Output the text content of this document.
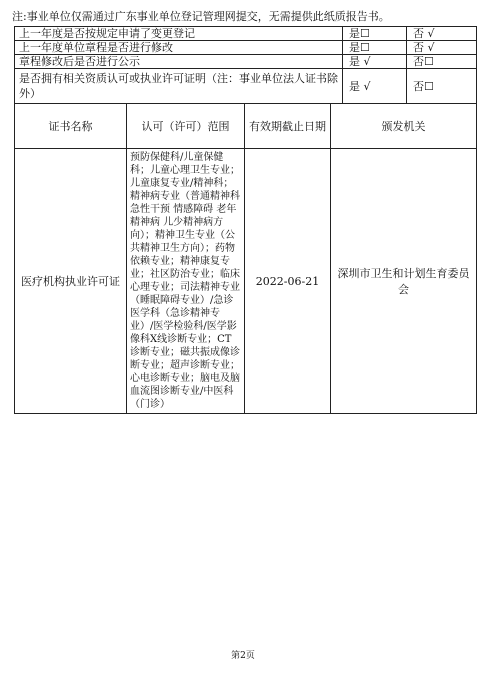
注:事业单位仅需通过广东事业单位登记管理网提交，无需提供此纸质报告书。
上一年度是否按规定申请了变更登记				是☐	否 √
上一年度单位章程是否进行修改				是☐	否 √
章程修改后是否进行公示				是 √	否☐
是否拥有相关资质认可或执业许可证明（注：事业单位法人证书除外）				是 √	否☐
证书名称	认可（许可）范围	有效期截止日期	颁发机关		
医疗机构执业许可证	预防保健科/儿童保健科；儿童心理卫生专业；儿童康复专业/精神科；精神病专业（普通精神科 急性干预 情感障碍 老年精神病 儿少精神病方向）；精神卫生专业（公共精神卫生方向）；药物依赖专业；精神康复专业；社区防治专业；临床心理专业；司法精神专业（睡眠障碍专业）/急诊医学科（急诊精神专业）/医学检验科/医学影像科X线诊断专业；CT诊断专业；磁共振成像诊断专业；超声诊断专业；心电诊断专业；脑电及脑血流图诊断专业/中医科（门诊）	2022-06-21	深圳市卫生和计划生育委员会		
第2页
